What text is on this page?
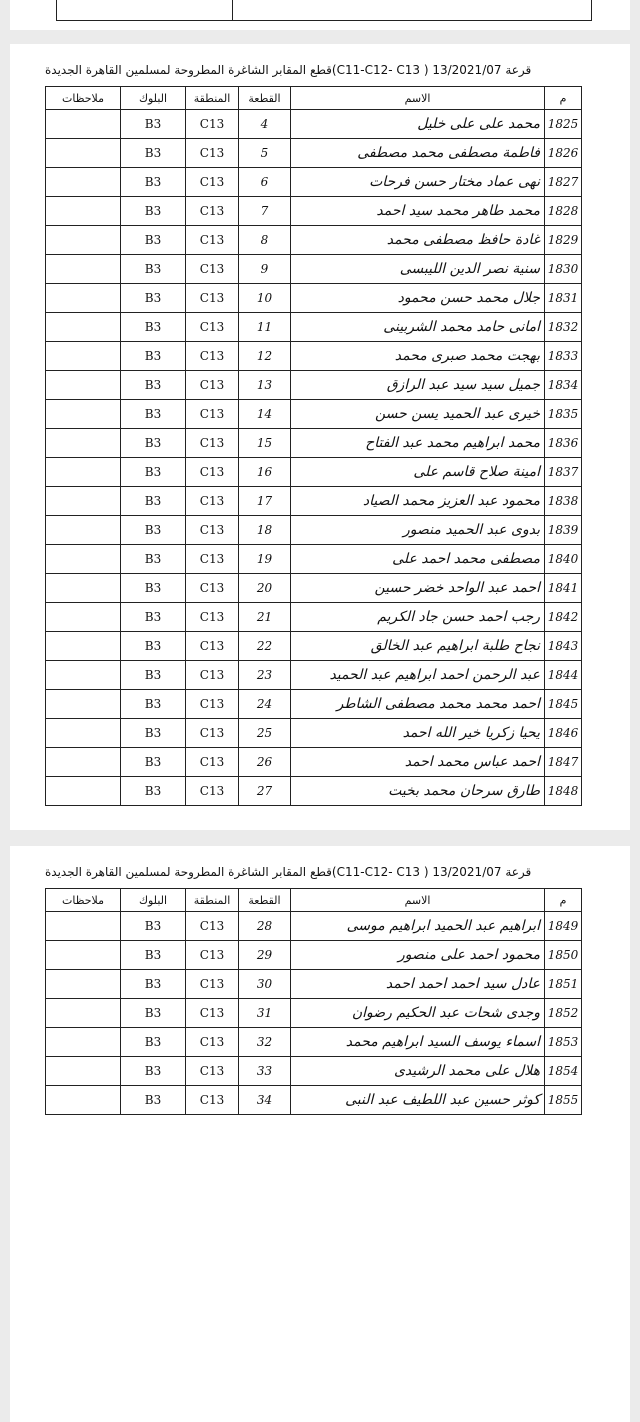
قطع المقابر الشاغرة المطروحة لمسلمين القاهرة الجديدة(C11-C12- C13 ) قرعة 13/2021/07
م	الاسم	القطعة	المنطقة	البلوك	ملاحظات
1825	محمد على على خليل	4	C13	B3	
1826	فاطمة مصطفى محمد مصطفى	5	C13	B3	
1827	نهى عماد مختار حسن فرحات	6	C13	B3	
1828	محمد طاهر محمد سيد احمد	7	C13	B3	
1829	غادة حافظ مصطفى محمد	8	C13	B3	
1830	سنية نصر الدين الليبسى	9	C13	B3	
1831	جلال محمد حسن محمود	10	C13	B3	
1832	امانى حامد محمد الشربينى	11	C13	B3	
1833	بهجت محمد صبرى محمد	12	C13	B3	
1834	جميل سيد سيد عبد الرازق	13	C13	B3	
1835	خيرى عبد الحميد يسن حسن	14	C13	B3	
1836	محمد ابراهيم محمد عبد الفتاح	15	C13	B3	
1837	امينة صلاح قاسم على	16	C13	B3	
1838	محمود عبد العزيز محمد الصياد	17	C13	B3	
1839	بدوى عبد الحميد منصور	18	C13	B3	
1840	مصطفى محمد احمد على	19	C13	B3	
1841	احمد عبد الواحد خضر حسين	20	C13	B3	
1842	رجب احمد حسن جاد الكريم	21	C13	B3	
1843	نجاح طلبة ابراهيم عبد الخالق	22	C13	B3	
1844	عبد الرحمن احمد ابراهيم عبد الحميد	23	C13	B3	
1845	احمد محمد محمد مصطفى الشاطر	24	C13	B3	
1846	يحيا زكريا خير الله احمد	25	C13	B3	
1847	احمد عباس محمد احمد	26	C13	B3	
1848	طارق سرحان محمد بخيت	27	C13	B3	
قطع المقابر الشاغرة المطروحة لمسلمين القاهرة الجديدة(C11-C12- C13 ) قرعة 13/2021/07
م	الاسم	القطعة	المنطقة	البلوك	ملاحظات
1849	ابراهيم عبد الحميد ابراهيم موسى	28	C13	B3	
1850	محمود احمد على منصور	29	C13	B3	
1851	عادل سيد احمد احمد احمد	30	C13	B3	
1852	وجدى شحات عبد الحكيم رضوان	31	C13	B3	
1853	اسماء يوسف السيد ابراهيم محمد	32	C13	B3	
1854	هلال على محمد الرشيدى	33	C13	B3	
1855	كوثر حسين عبد اللطيف عبد النبى	34	C13	B3	
